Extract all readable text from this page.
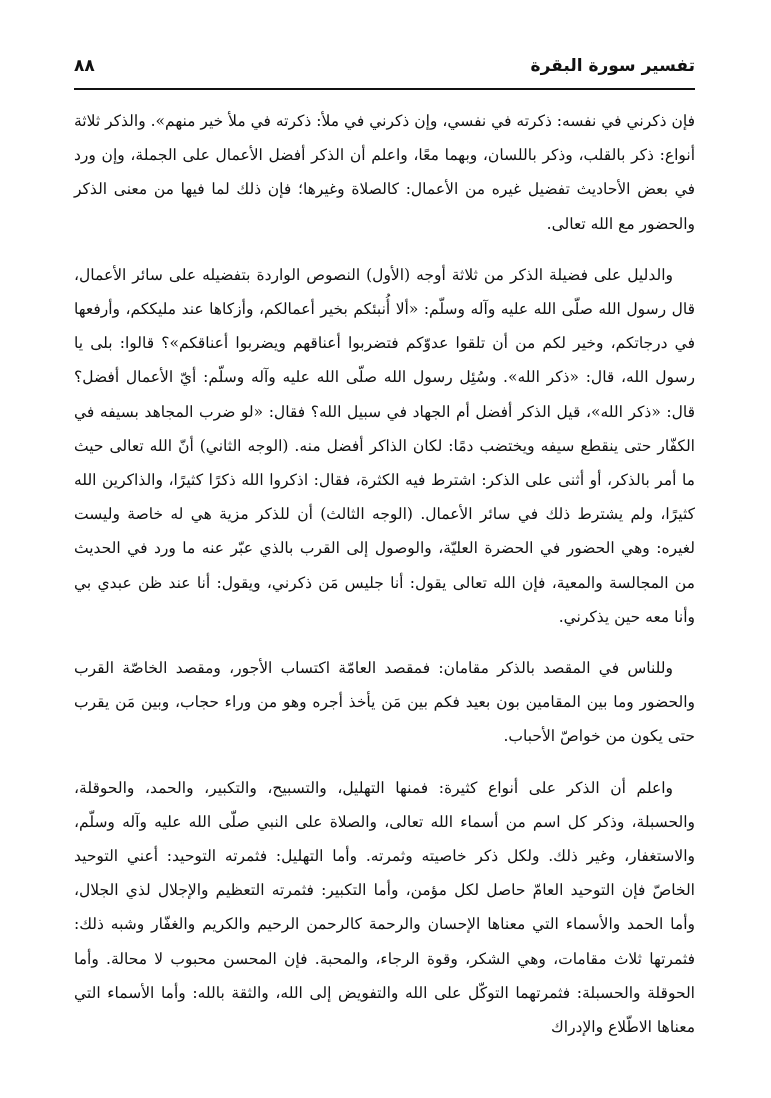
تفسير سورة البقرة
٨٨

فإن ذكرني في نفسه: ذكرته في نفسي، وإن ذكرني في ملأ: ذكرته في ملأ خير منهم». والذكر ثلاثة أنواع: ذكر بالقلب، وذكر باللسان، وبهما معًا، واعلم أن الذكر أفضل الأعمال على الجملة، وإن ورد في بعض الأحاديث تفضيل غيره من الأعمال: كالصلاة وغيرها؛ فإن ذلك لما فيها من معنى الذكر والحضور مع الله تعالى.

والدليل على فضيلة الذكر من ثلاثة أوجه (الأول) النصوص الواردة بتفضيله على سائر الأعمال، قال رسول الله صلّى الله عليه وآله وسلّم: «ألا أُنبئكم بخير أعمالكم، وأزكاها عند مليككم، وأرفعها في درجاتكم، وخير لكم من أن تلقوا عدوّكم فتضربوا أعناقهم ويضربوا أعناقكم»؟ قالوا: بلى يا رسول الله، قال: «ذكر الله». وسُئِل رسول الله صلّى الله عليه وآله وسلّم: أيّ الأعمال أفضل؟ قال: «ذكر الله»، قيل الذكر أفضل أم الجهاد في سبيل الله؟ فقال: «لو ضرب المجاهد بسيفه في الكفّار حتى ينقطع سيفه ويختضب دمًا: لكان الذاكر أفضل منه. (الوجه الثاني) أنّ الله تعالى حيث ما أمر بالذكر، أو أثنى على الذكر: اشترط فيه الكثرة، فقال: اذكروا الله ذكرًا كثيرًا، والذاكرين الله كثيرًا، ولم يشترط ذلك في سائر الأعمال. (الوجه الثالث) أن للذكر مزية هي له خاصة وليست لغيره: وهي الحضور في الحضرة العليّة، والوصول إلى القرب بالذي عبّر عنه ما ورد في الحديث من المجالسة والمعية، فإن الله تعالى يقول: أنا جليس مَن ذكرني، ويقول: أنا عند ظن عبدي بي وأنا معه حين يذكرني.

وللناس في المقصد بالذكر مقامان: فمقصد العامّة اكتساب الأجور، ومقصد الخاصّة القرب والحضور وما بين المقامين بون بعيد فكم بين مَن يأخذ أجره وهو من وراء حجاب، وبين مَن يقرب حتى يكون من خواصّ الأحباب.

واعلم أن الذكر على أنواع كثيرة: فمنها التهليل، والتسبيح، والتكبير، والحمد، والحوقلة، والحسبلة، وذكر كل اسم من أسماء الله تعالى، والصلاة على النبي صلّى الله عليه وآله وسلّم، والاستغفار، وغير ذلك. ولكل ذكر خاصيته وثمرته. وأما التهليل: فثمرته التوحيد: أعني التوحيد الخاصّ فإن التوحيد العامّ حاصل لكل مؤمن، وأما التكبير: فثمرته التعظيم والإجلال لذي الجلال، وأما الحمد والأسماء التي معناها الإحسان والرحمة كالرحمن الرحيم والكريم والغفّار وشبه ذلك: فثمرتها ثلاث مقامات، وهي الشكر، وقوة الرجاء، والمحبة. فإن المحسن محبوب لا محالة. وأما الحوقلة والحسبلة: فثمرتهما التوكّل على الله والتفويض إلى الله، والثقة بالله: وأما الأسماء التي معناها الاطّلاع والإدراك
